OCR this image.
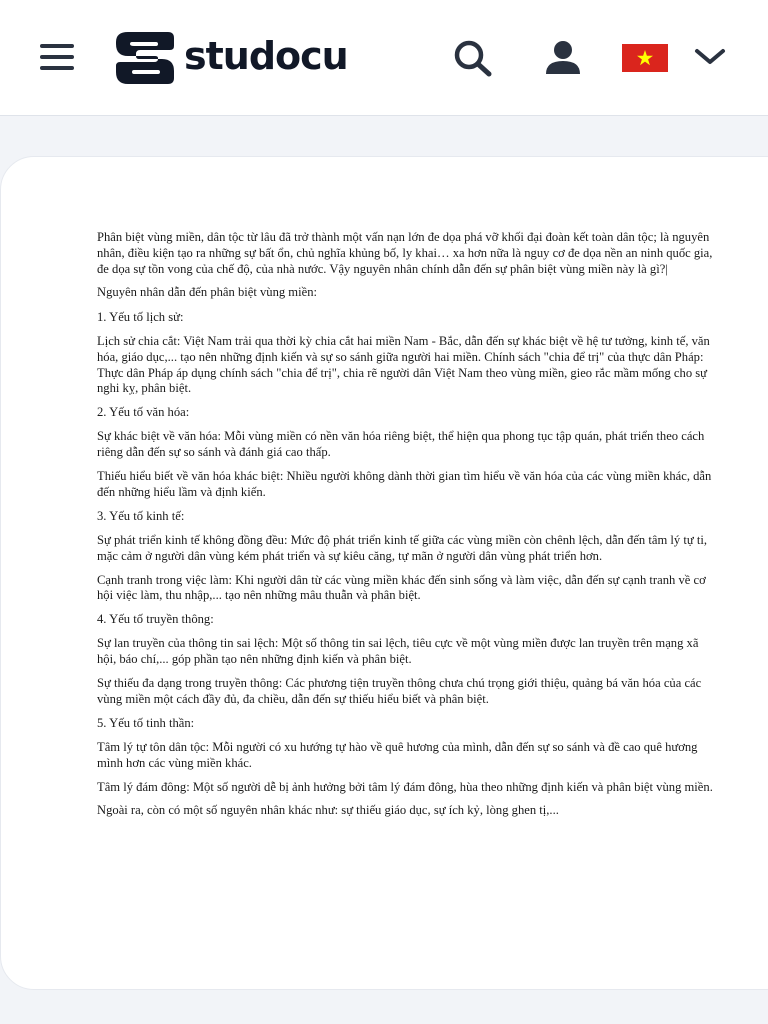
studocu

Phân biệt vùng miền, dân tộc từ lâu đã trở thành một vấn nạn lớn đe dọa phá vỡ khối đại đoàn kết toàn dân tộc; là nguyên nhân, điều kiện tạo ra những sự bất ổn, chủ nghĩa khủng bố, ly khai… xa hơn nữa là nguy cơ đe dọa nền an ninh quốc gia, đe dọa sự tồn vong của chế độ, của nhà nước. Vậy nguyên nhân chính dẫn đến sự phân biệt vùng miền này là gì?|

Nguyên nhân dẫn đến phân biệt vùng miền:

1. Yếu tố lịch sử:

Lịch sử chia cắt: Việt Nam trải qua thời kỳ chia cắt hai miền Nam - Bắc, dẫn đến sự khác biệt về hệ tư tưởng, kinh tế, văn hóa, giáo dục,... tạo nên những định kiến và sự so sánh giữa người hai miền. Chính sách "chia để trị" của thực dân Pháp: Thực dân Pháp áp dụng chính sách "chia để trị", chia rẽ người dân Việt Nam theo vùng miền, gieo rắc mầm mống cho sự nghi kỵ, phân biệt.

2. Yếu tố văn hóa:

Sự khác biệt về văn hóa: Mỗi vùng miền có nền văn hóa riêng biệt, thể hiện qua phong tục tập quán, phát triển theo cách riêng dẫn đến sự so sánh và đánh giá cao thấp.

Thiếu hiểu biết về văn hóa khác biệt: Nhiều người không dành thời gian tìm hiểu về văn hóa của các vùng miền khác, dẫn đến những hiểu lầm và định kiến.

3. Yếu tố kinh tế:

Sự phát triển kinh tế không đồng đều: Mức độ phát triển kinh tế giữa các vùng miền còn chênh lệch, dẫn đến tâm lý tự ti, mặc cảm ở người dân vùng kém phát triển và sự kiêu căng, tự mãn ở người dân vùng phát triển hơn.

Cạnh tranh trong việc làm: Khi người dân từ các vùng miền khác đến sinh sống và làm việc, dẫn đến sự cạnh tranh về cơ hội việc làm, thu nhập,... tạo nên những mâu thuẫn và phân biệt.

4. Yếu tố truyền thông:

Sự lan truyền của thông tin sai lệch: Một số thông tin sai lệch, tiêu cực về một vùng miền được lan truyền trên mạng xã hội, báo chí,... góp phần tạo nên những định kiến và phân biệt.

Sự thiếu đa dạng trong truyền thông: Các phương tiện truyền thông chưa chú trọng giới thiệu, quảng bá văn hóa của các vùng miền một cách đầy đủ, đa chiều, dẫn đến sự thiếu hiểu biết và phân biệt.

5. Yếu tố tinh thần:

Tâm lý tự tôn dân tộc: Mỗi người có xu hướng tự hào về quê hương của mình, dẫn đến sự so sánh và đề cao quê hương mình hơn các vùng miền khác.

Tâm lý đám đông: Một số người dễ bị ảnh hưởng bởi tâm lý đám đông, hùa theo những định kiến và phân biệt vùng miền.

Ngoài ra, còn có một số nguyên nhân khác như: sự thiếu giáo dục, sự ích kỷ, lòng ghen tị,...
